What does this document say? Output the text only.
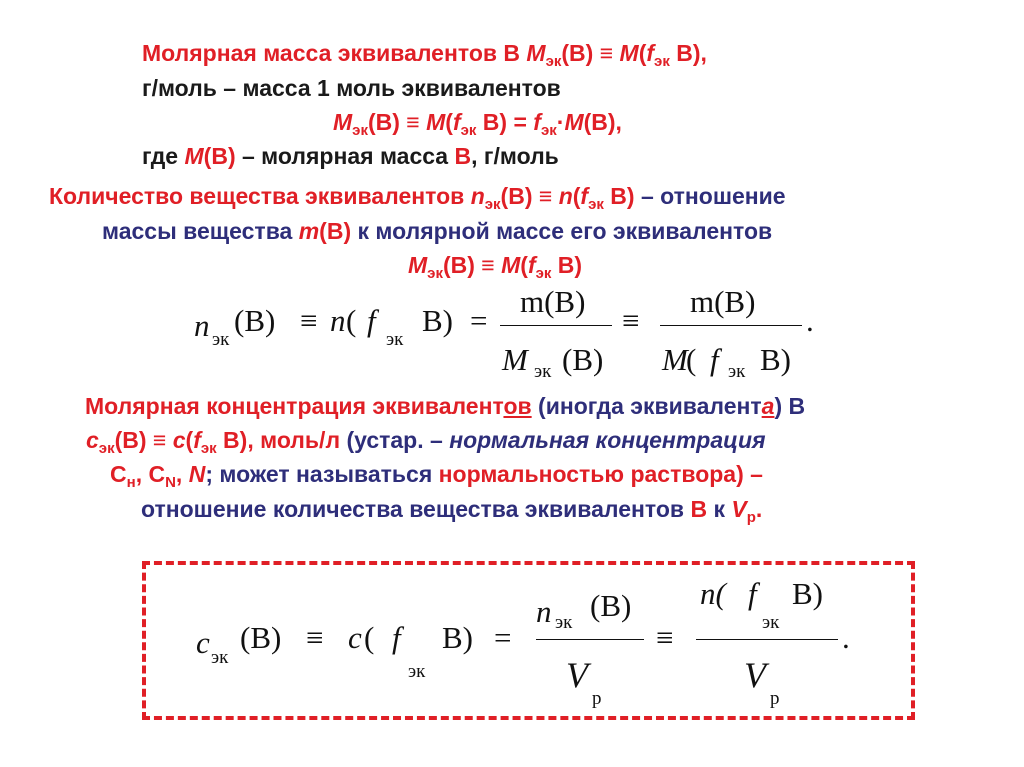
Молярная масса эквивалентов В $M_{эк}(В) \equiv M(f_{эк}$ В),
г/моль – масса 1 моль эквивалентов
$M_{эк}(В) \equiv M(f_{эк}$ $В) = f_{эк}\cdot M(В)$,
где M(В) – молярная масса В, г/моль
Количество вещества эквивалентов $n_{эк}(В) \equiv n(f_{эк}$ В) – отношение
массы вещества m(В) к молярной массе его эквивалентов
$M_{эк}(В) \equiv M(f_{эк}$ В)
n эк
(В) ≡ n ( f
эк
В) =
m(В)
M эк (В)
≡
m(В)
M
( f эк В)
.
Молярная концентрация эквивалентов (иногда эквивалента) В
$c_{эк}(В) \equiv c(f_{эк}$ В), моль/л (устар. – нормальная концентрация
$С_н$, $С_N$, N; может называться нормальностью раствора) –
отношение количества вещества эквивалентов В к $V_р$.
c эк
(В) ≡ c ( f
эк
В) =
n эк (В)
V
р
≡
n( f В)
эк
V
р
.
